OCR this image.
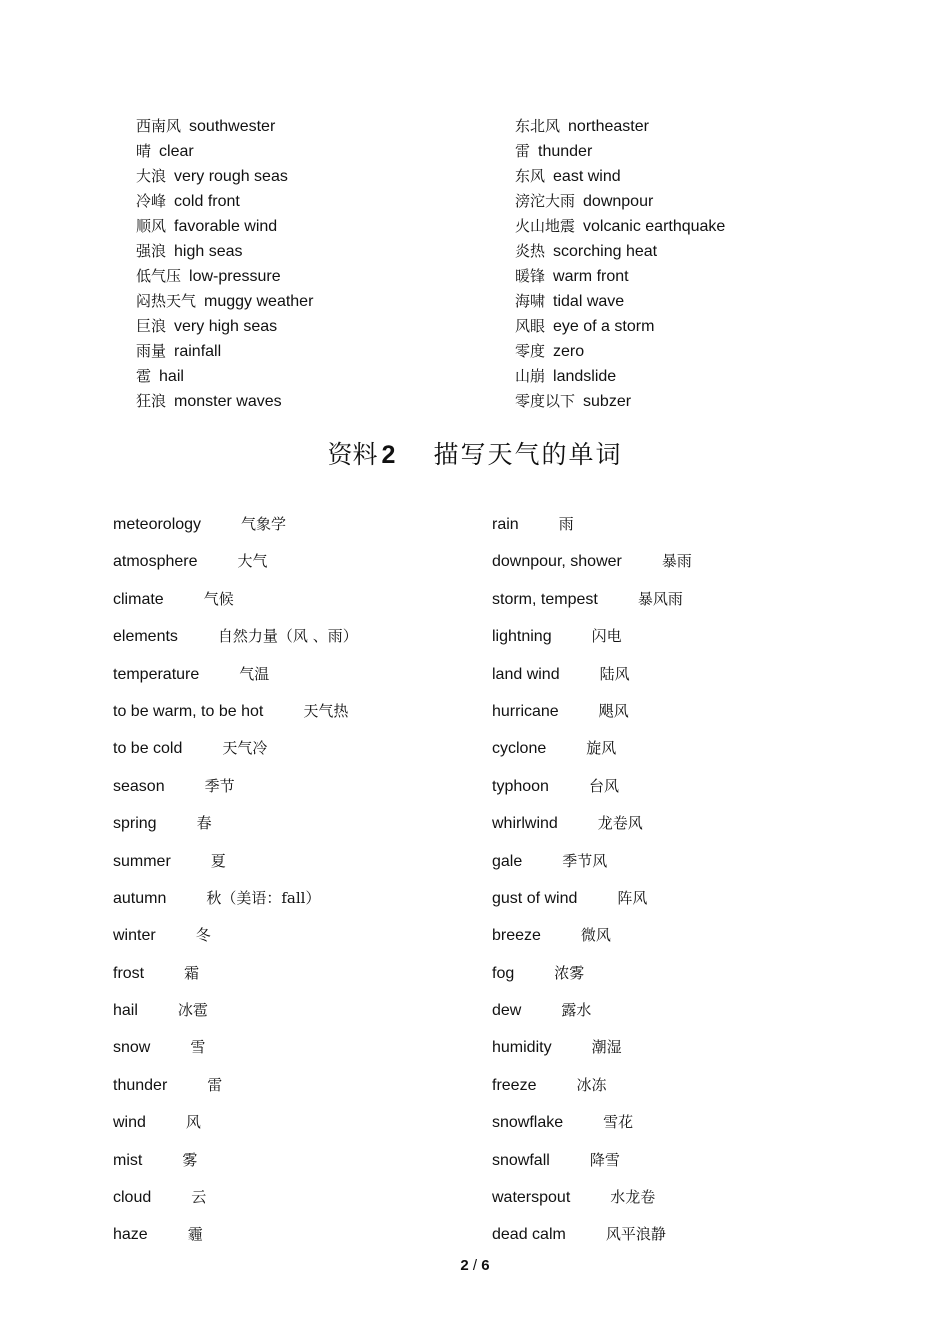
西南风 southwester
晴 clear
大浪 very rough seas
冷峰 cold front
顺风 favorable wind
强浪 high seas
低气压 low-pressure
闷热天气 muggy weather
巨浪 very high seas
雨量 rainfall
雹 hail
狂浪 monster waves
东北风 northeaster
雷 thunder
东风 east wind
滂沱大雨 downpour
火山地震 volcanic earthquake
炎热 scorching heat
暖锋 warm front
海啸 tidal wave
风眼 eye of a storm
零度 zero
山崩 landslide
零度以下 subzer
资料 2 描写天气的单词
meteorology	气象学
atmosphere	大气
climate	气候
elements	自然力量（风 、雨）
temperature	气温
to be warm, to be hot	天气热
to be cold	天气冷
season	季节
spring	春
summer	夏
autumn	秋（美语：fall）
winter	冬
frost	霜
hail	冰雹
snow	雪
thunder	雷
wind	风
mist	雾
cloud	云
haze	霾
rain	雨
downpour, shower	暴雨
storm, tempest	暴风雨
lightning	闪电
land wind	陆风
hurricane	飓风
cyclone	旋风
typhoon	台风
whirlwind	龙卷风
gale	季节风
gust of wind	阵风
breeze	微风
fog	浓雾
dew	露水
humidity	潮湿
freeze	冰冻
snowflake	雪花
snowfall	降雪
waterspout	水龙卷
dead calm	风平浪静
2 / 6
